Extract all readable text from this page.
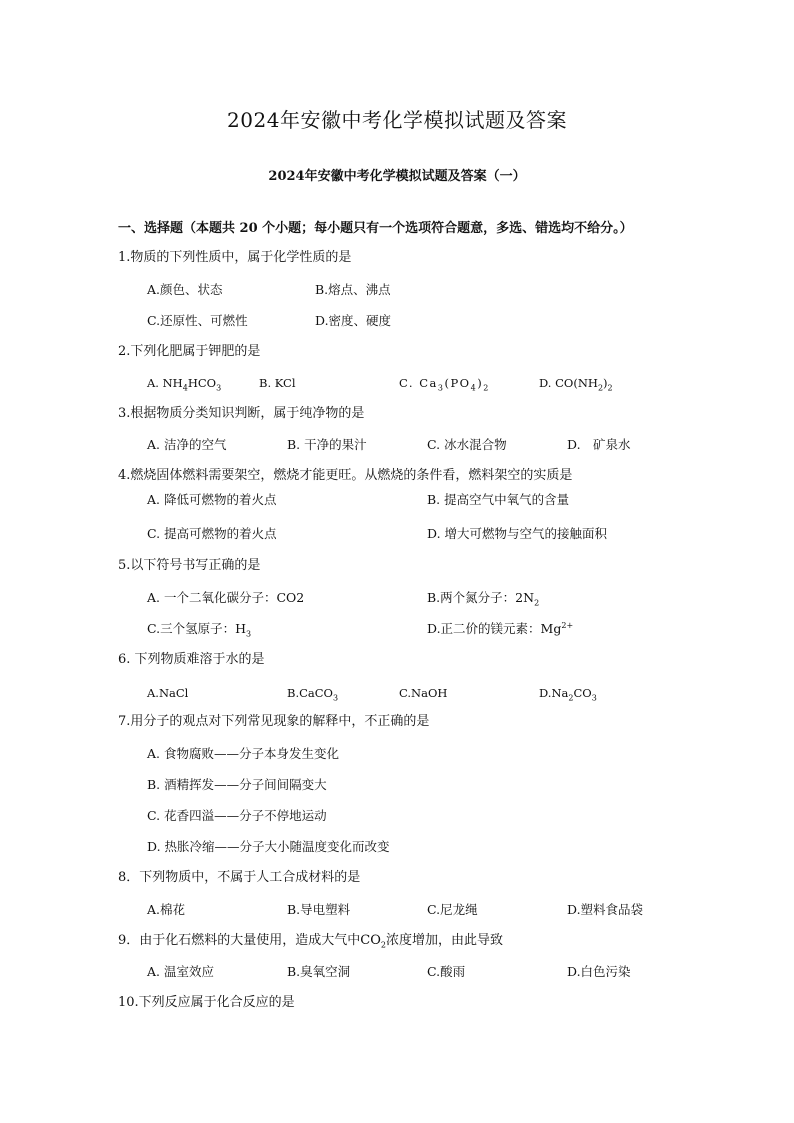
2024年安徽中考化学模拟试题及答案
2024年安徽中考化学模拟试题及答案（一）

一、选择题（本题共 20 个小题；每小题只有一个选项符合题意，多选、错选均不给分。）

1.物质的下列性质中，属于化学性质的是
A.颜色、状态	B.熔点、沸点
C.还原性、可燃性	D.密度、硬度
2.下列化肥属于钾肥的是
A. $NH_4HCO_3$	B. KCl	C. $Ca_3(PO_4)_2$	D. $CO(NH_2)_2$
3.根据物质分类知识判断，属于纯净物的是
A. 洁净的空气	B. 干净的果汁	C. 冰水混合物	D.　矿泉水
4.燃烧固体燃料需要架空，燃烧才能更旺。从燃烧的条件看，燃料架空的实质是
A. 降低可燃物的着火点	B. 提高空气中氧气的含量
C. 提高可燃物的着火点	D. 增大可燃物与空气的接触面积
5.以下符号书写正确的是
A. 一个二氧化碳分子：CO2	B.两个氮分子：$2N_2$
C.三个氢原子：$H_3$	D.正二价的镁元素：$Mg^{2+}$
6. 下列物质难溶于水的是
A.NaCl	B.CaCO$_3$	C.NaOH	$D.Na_2CO_3$
7.用分子的观点对下列常见现象的解释中，不正确的是
A. 食物腐败——分子本身发生变化
B. 酒精挥发——分子间间隔变大
C. 花香四溢——分子不停地运动
D. 热胀冷缩——分子大小随温度变化而改变
8．下列物质中，不属于人工合成材料的是
A.棉花	B.导电塑料	C.尼龙绳	D.塑料食品袋
9．由于化石燃料的大量使用，造成大气中$CO_2$浓度增加，由此导致
A. 温室效应	B.臭氧空洞	C.酸雨	D.白色污染
10.下列反应属于化合反应的是
